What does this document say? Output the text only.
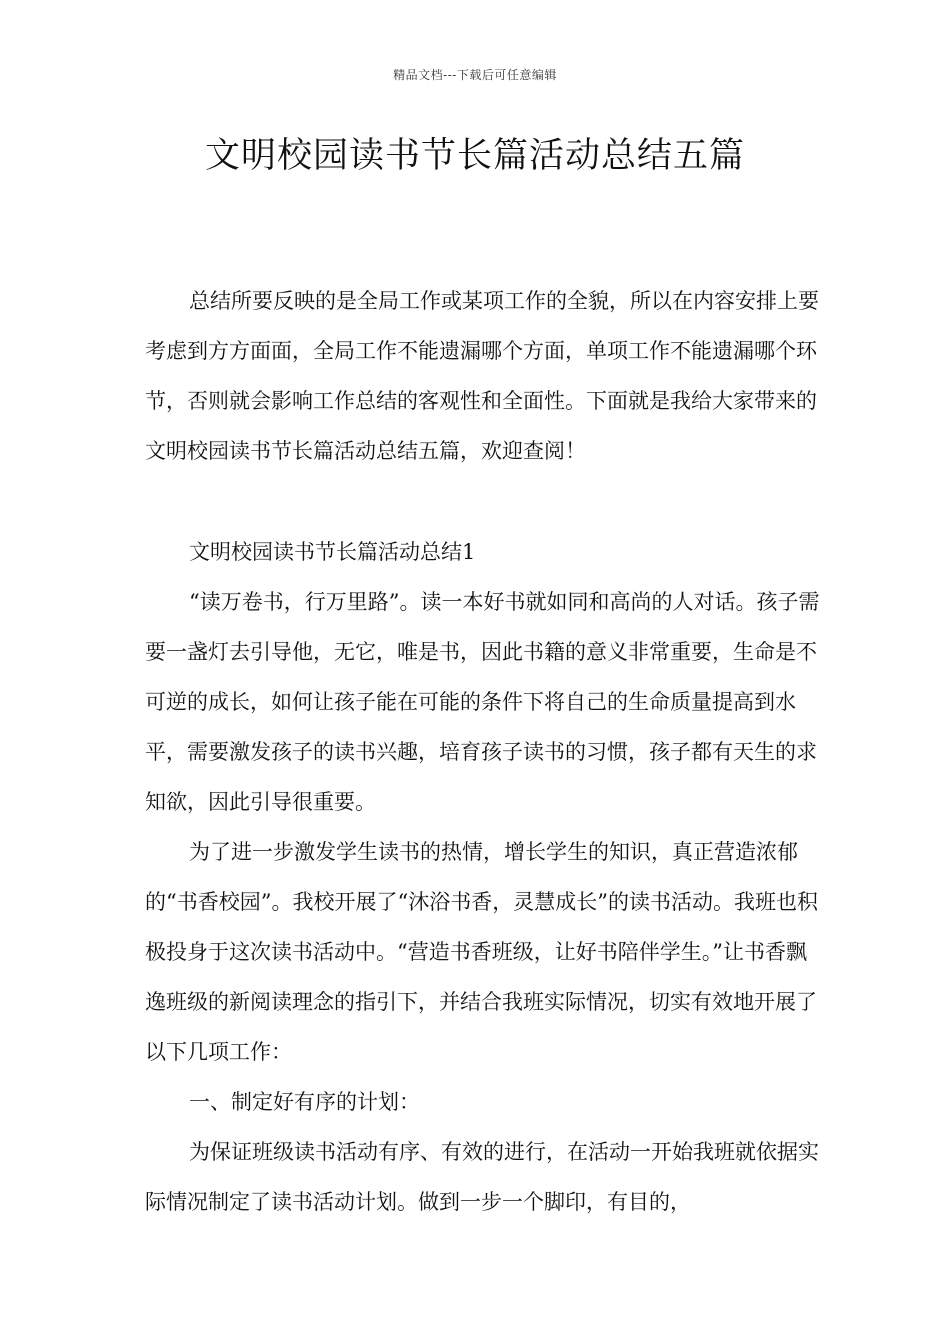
精品文档---下载后可任意编辑
文明校园读书节长篇活动总结五篇

总结所要反映的是全局工作或某项工作的全貌，所以在内容安排上要考虑到方方面面，全局工作不能遗漏哪个方面，单项工作不能遗漏哪个环节，否则就会影响工作总结的客观性和全面性。下面就是我给大家带来的文明校园读书节长篇活动总结五篇，欢迎查阅！

文明校园读书节长篇活动总结1

“读万卷书，行万里路”。读一本好书就如同和高尚的人对话。孩子需要一盏灯去引导他，无它，唯是书，因此书籍的意义非常重要，生命是不可逆的成长，如何让孩子能在可能的条件下将自己的生命质量提高到水平，需要激发孩子的读书兴趣，培育孩子读书的习惯，孩子都有天生的求知欲，因此引导很重要。

为了进一步激发学生读书的热情，增长学生的知识，真正营造浓郁的“书香校园”。我校开展了“沐浴书香，灵慧成长”的读书活动。我班也积极投身于这次读书活动中。“营造书香班级，让好书陪伴学生。”让书香飘逸班级的新阅读理念的指引下，并结合我班实际情况，切实有效地开展了以下几项工作：

一、制定好有序的计划：

为保证班级读书活动有序、有效的进行，在活动一开始我班就依据实际情况制定了读书活动计划。做到一步一个脚印，有目的，
